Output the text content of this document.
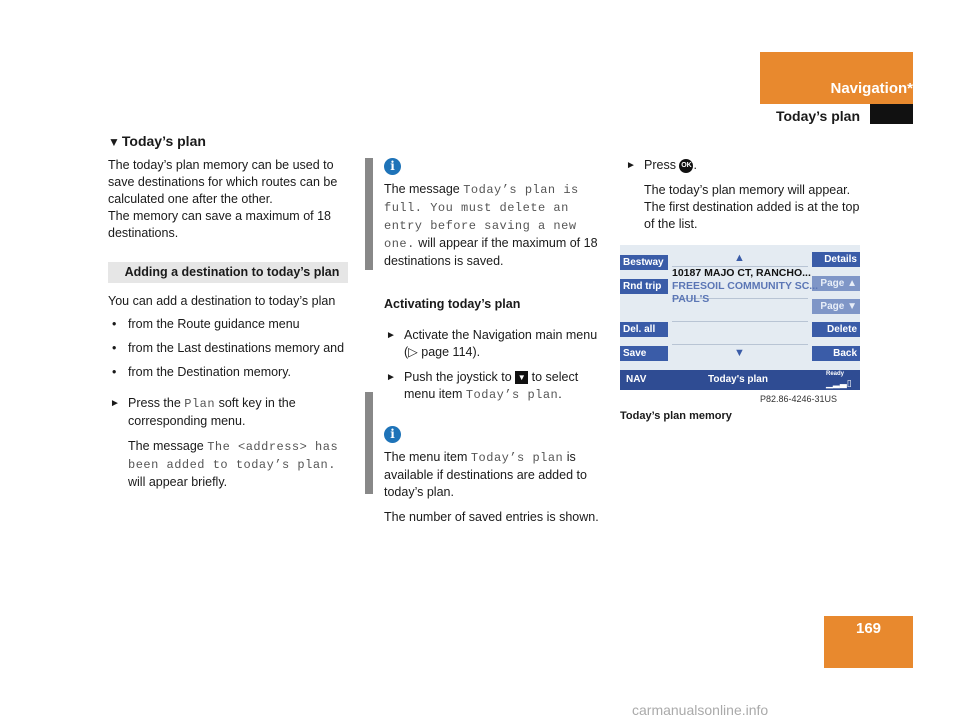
Navigation*
Today’s plan
▼ Today’s plan

The today’s plan memory can be used to save destinations for which routes can be calculated one after the other.

The memory can save a maximum of 18 destinations.

Adding a destination to today’s plan

You can add a destination to today’s plan

• from the Route guidance menu
• from the Last destinations memory and
• from the Destination memory.
► Press the Plan soft key in the corresponding menu.
The message The <address> has been added to today’s plan. will appear briefly.
i

The message Today’s plan is full. You must delete an entry before saving a new one. will appear if the maximum of 18 destinations is saved.

Activating today’s plan

► Activate the Navigation main menu (▷ page 114).
► Push the joystick to ▼ to select menu item Today’s plan.
i

The menu item Today’s plan is available if destinations are added to today’s plan.

The number of saved entries is shown.

► Press OK .
The today’s plan memory will appear. The first destination added is at the top of the list.
Bestway
Rnd trip
Del. all
Save
Details
Page ▲
Page ▼
Delete
Back
▲
▼
10187 MAJO CT, RANCHO...
FREESOIL COMMUNITY SC...
PAUL'S
NAV	Today's plan	Ready
▁▂▃▯
P82.86-4246-31US
Today’s plan memory
169
carmanualsonline.info
